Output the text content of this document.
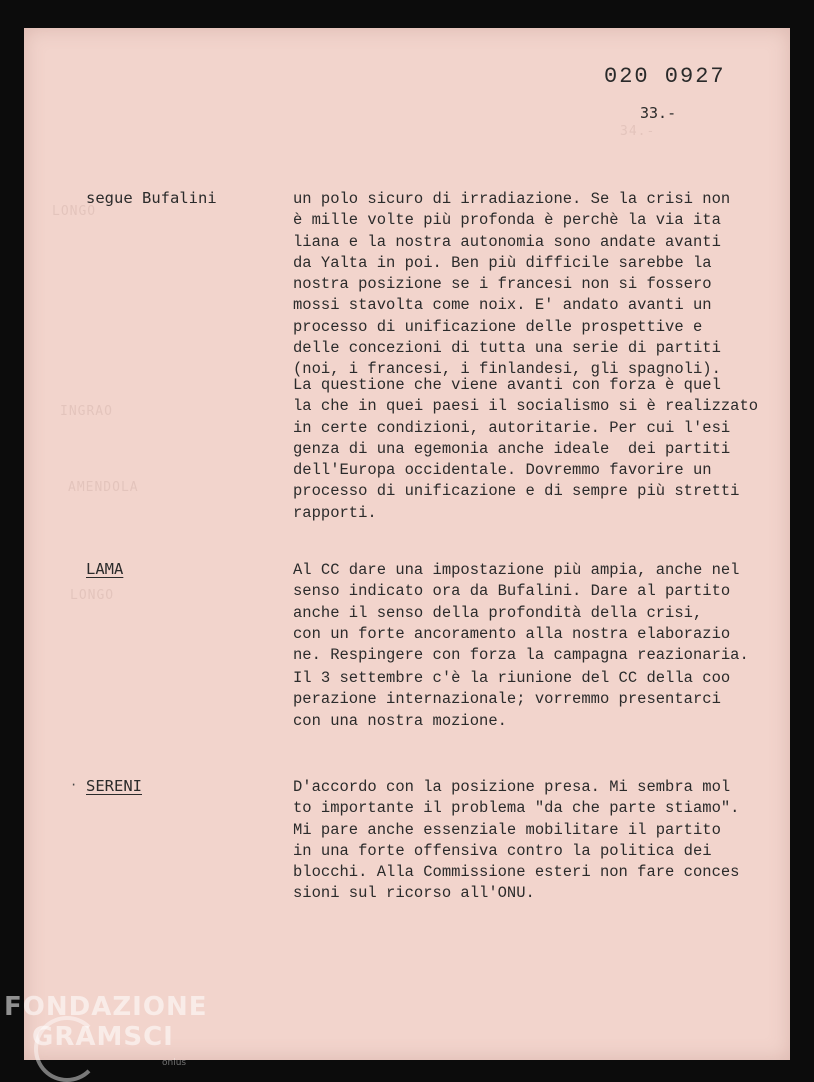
LONGO
INGRAO
AMENDOLA
LONGO
34.-
020 0927
33.-
segue Bufalini	un polo sicuro di irradiazione. Se la crisi non
è mille volte più profonda è perchè la via ita
liana e la nostra autonomia sono andate avanti
da Yalta in poi. Ben più difficile sarebbe la
nostra posizione se i francesi non si fossero
mossi stavolta come noix. E' andato avanti un
processo di unificazione delle prospettive e
delle concezioni di tutta una serie di partiti
(noi, i francesi, i finlandesi, gli spagnoli).
La questione che viene avanti con forza è quel
la che in quei paesi il socialismo si è realizzato
in certe condizioni, autoritarie. Per cui l'esi
genza di una egemonia anche ideale  dei partiti
dell'Europa occidentale. Dovremmo favorire un
processo di unificazione e di sempre più stretti
rapporti.
LAMA	Al CC dare una impostazione più ampia, anche nel
senso indicato ora da Bufalini. Dare al partito
anche il senso della profondità della crisi,
con un forte ancoramento alla nostra elaborazio
ne. Respingere con forza la campagna reazionaria.
Il 3 settembre c'è la riunione del CC della coo
perazione internazionale; vorremmo presentarci
con una nostra mozione.
· SERENI	D'accordo con la posizione presa. Mi sembra mol
to importante il problema "da che parte stiamo".
Mi pare anche essenziale mobilitare il partito
in una forte offensiva contro la politica dei
blocchi. Alla Commissione esteri non fare conces
sioni sul ricorso all'ONU.
FONDAZIONE
GRAMSCI
onlus
